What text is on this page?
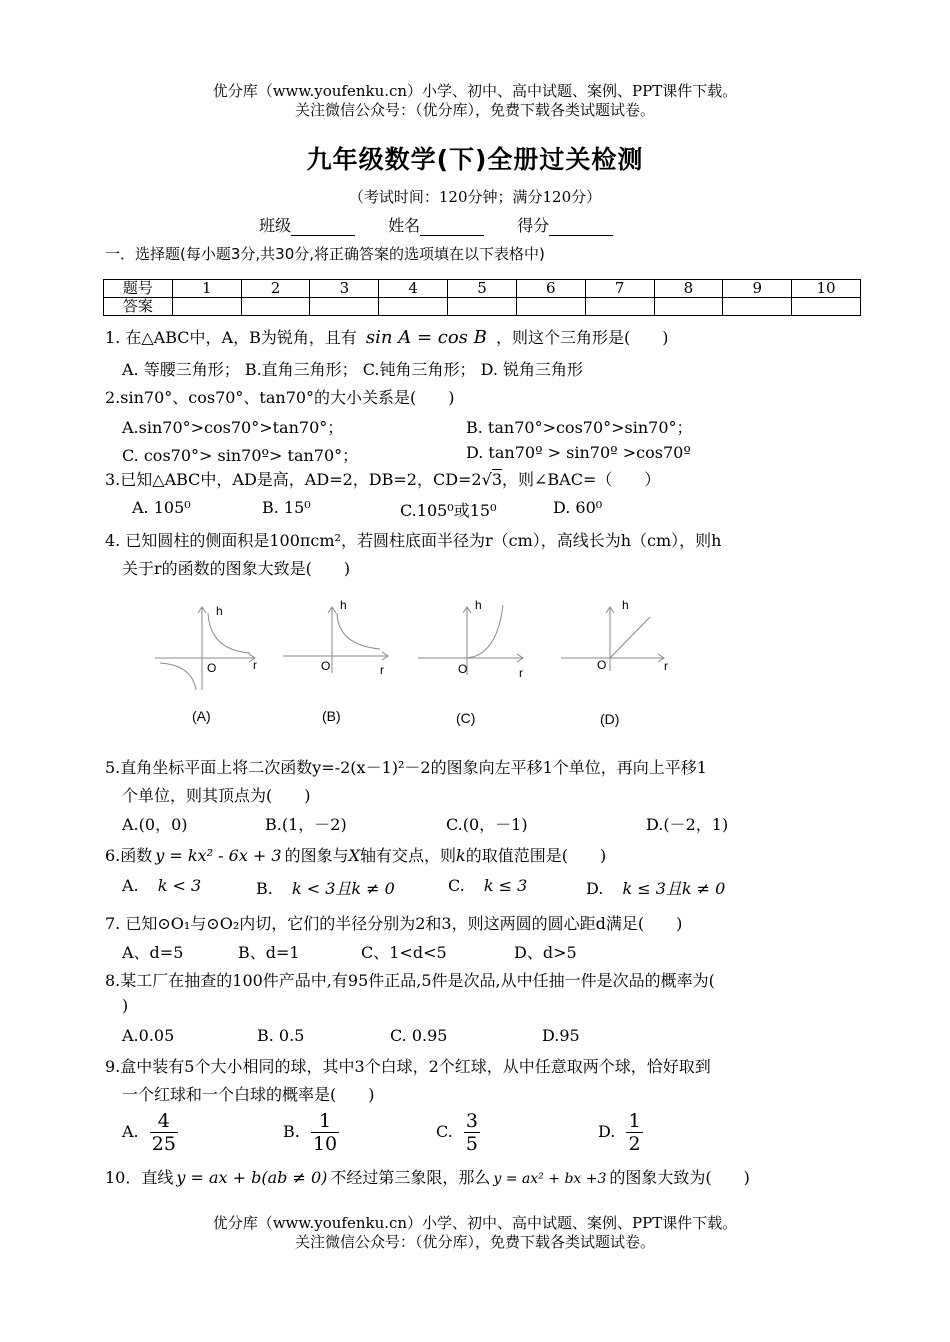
优分库（www.youfenku.cn）小学、初中、高中试题、案例、PPT课件下载。
关注微信公众号：（优分库），免费下载各类试题试卷。
九年级数学(下)全册过关检测
（考试时间：120分钟；满分120分）
班级	姓名	得分
一．选择题(每小题3分,共30分,将正确答案的选项填在以下表格中)
题号	1	2	3	4	5	6	7	8	9	10
答案										
1. 在△ABC中，A，B为锐角，且有 sin A = cos B ，则这个三角形是(　　)
A. 等腰三角形； B.直角三角形； C.钝角三角形； D. 锐角三角形
2.sin70°、cos70°、tan70°的大小关系是(　　)
A.sin70°>cos70°>tan70°；	B. tan70°>cos70°>sin70°；
C. cos70°> sin70º> tan70°；	D. tan70º > sin70º >cos70º
3.已知△ABC中，AD是高，AD=2，DB=2，CD=2√3，则∠BAC=（　　）
A. 105⁰	B. 15⁰	C.105⁰或15⁰	D. 60⁰
4. 已知圆柱的侧面积是100πcm²，若圆柱底面半径为r（cm），高线长为h（cm），则h
关于r的函数的图象大致是(　　)
h
O	r
(A)
h
O	r
(B)
h
O	r
(C)
h
O	r
(D)
5.直角坐标平面上将二次函数y=-2(x－1)²－2的图象向左平移1个单位，再向上平移1
个单位，则其顶点为(　　)
A.(0，0)	B.(1，－2)	C.(0，－1)	D.(－2，1)
6.函数 y = kx² - 6x + 3 的图象与X轴有交点，则k的取值范围是(　　)
A. k < 3	B. k < 3且k ≠ 0	C. k ≤ 3	D. k ≤ 3且k ≠ 0
7. 已知⊙O₁与⊙O₂内切，它们的半径分别为2和3，则这两圆的圆心距d满足(　　)
A、d=5	B、d=1	C、1<d<5	D、d>5
8.某工厂在抽查的100件产品中,有95件正品,5件是次品,从中任抽一件是次品的概率为(
)
A.0.05	B. 0.5	C. 0.95	D.95
9.盒中装有5个大小相同的球，其中3个白球，2个红球，从中任意取两个球，恰好取到
一个红球和一个白球的概率是(　　)
A. $\frac{4}{25}$	B. $\frac{1}{10}$	C. $\frac{3}{5}$	D. $\frac{1}{2}$
10．直线 y = ax + b(ab ≠ 0) 不经过第三象限，那么 y = ax² + bx +3 的图象大致为(　　)
优分库（www.youfenku.cn）小学、初中、高中试题、案例、PPT课件下载。
关注微信公众号：（优分库），免费下载各类试题试卷。
